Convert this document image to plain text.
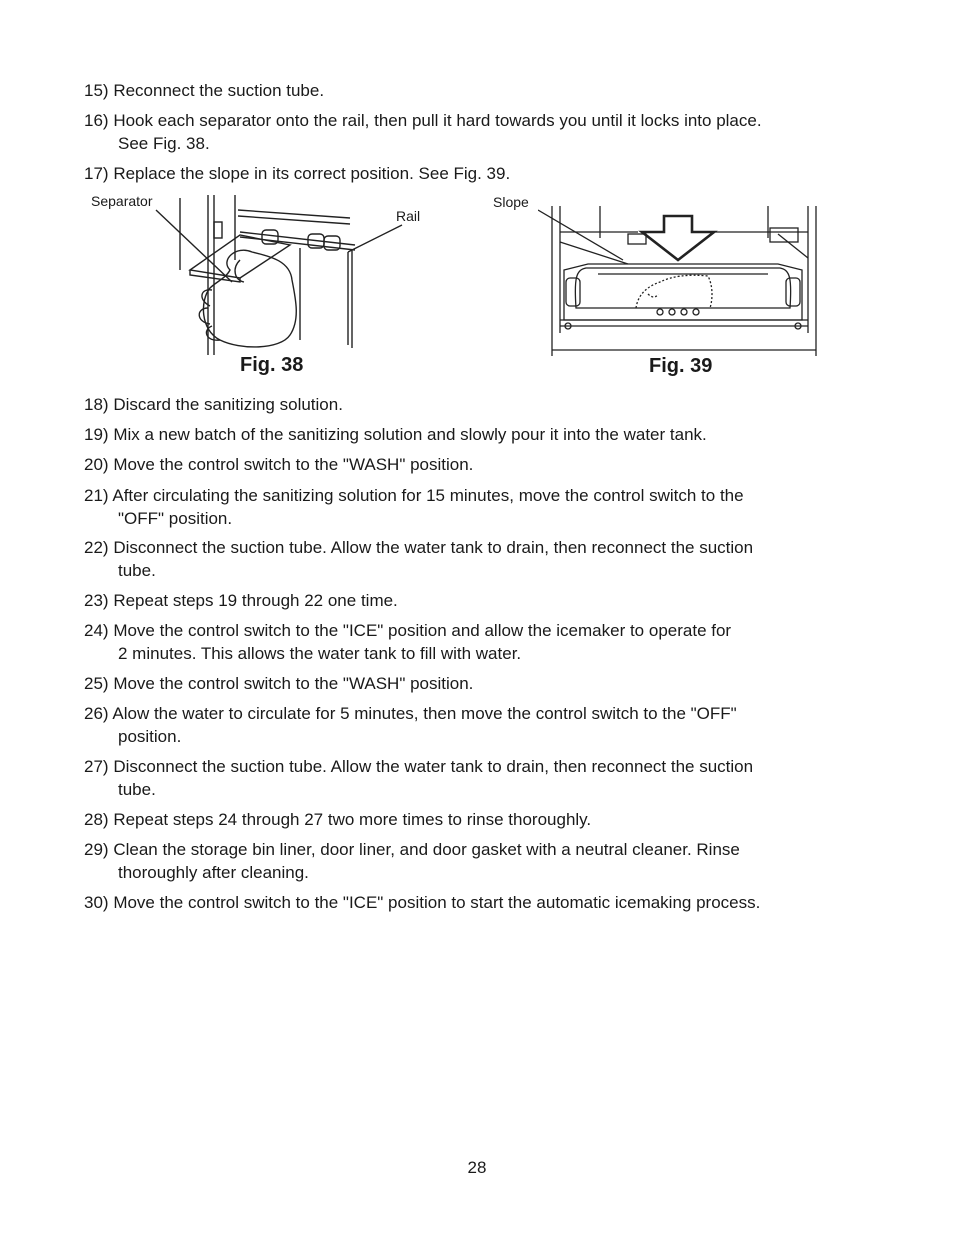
15) Reconnect the suction tube.
16) Hook each separator onto the rail, then pull it hard towards you until it locks into place.
See Fig. 38.
17) Replace the slope in its correct position. See Fig. 39.
Separator
Rail
Fig. 38
Slope
Fig. 39
18) Discard the sanitizing solution.
19) Mix a new batch of the sanitizing solution and slowly pour it into the water tank.
20) Move the control switch to the "WASH" position.
21) After circulating the sanitizing solution for 15 minutes, move the control switch to the
"OFF" position.
22) Disconnect the suction tube. Allow the water tank to drain, then reconnect the suction
tube.
23) Repeat steps 19 through 22 one time.
24) Move the control switch to the "ICE" position and allow the icemaker to operate for
2 minutes. This allows the water tank to fill with water.
25) Move the control switch to the "WASH" position.
26) Alow the water to circulate for 5 minutes, then move the control switch to the "OFF"
position.
27) Disconnect the suction tube. Allow the water tank to drain, then reconnect the suction
tube.
28) Repeat steps 24 through 27 two more times to rinse thoroughly.
29) Clean the storage bin liner, door liner, and door gasket with a neutral cleaner. Rinse
thoroughly after cleaning.
30) Move the control switch to the "ICE" position to start the automatic icemaking process.
28
